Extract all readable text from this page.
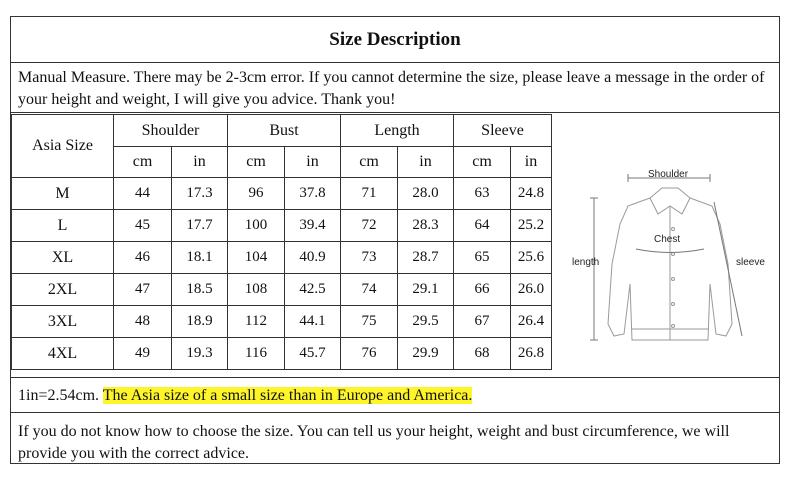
Size Description
Manual Measure. There may be 2-3cm error. If you cannot determine the size, please leave a message in the order of your height and weight, I will give you advice. Thank you!
Asia Size	Shoulder		Bust		Length		Sleeve	
	cm	in	cm	in	cm	in	cm	in
M	44	17.3	96	37.8	71	28.0	63	24.8
L	45	17.7	100	39.4	72	28.3	64	25.2
XL	46	18.1	104	40.9	73	28.7	65	25.6
2XL	47	18.5	108	42.5	74	29.1	66	26.0
3XL	48	18.9	112	44.1	75	29.5	67	26.4
4XL	49	19.3	116	45.7	76	29.9	68	26.8
Shoulder
Chest
length	sleeve
1in=2.54cm. The Asia size of a small size than in Europe and America.
If you do not know how to choose the size. You can tell us your height, weight and bust circumference, we will provide you with the correct advice.
